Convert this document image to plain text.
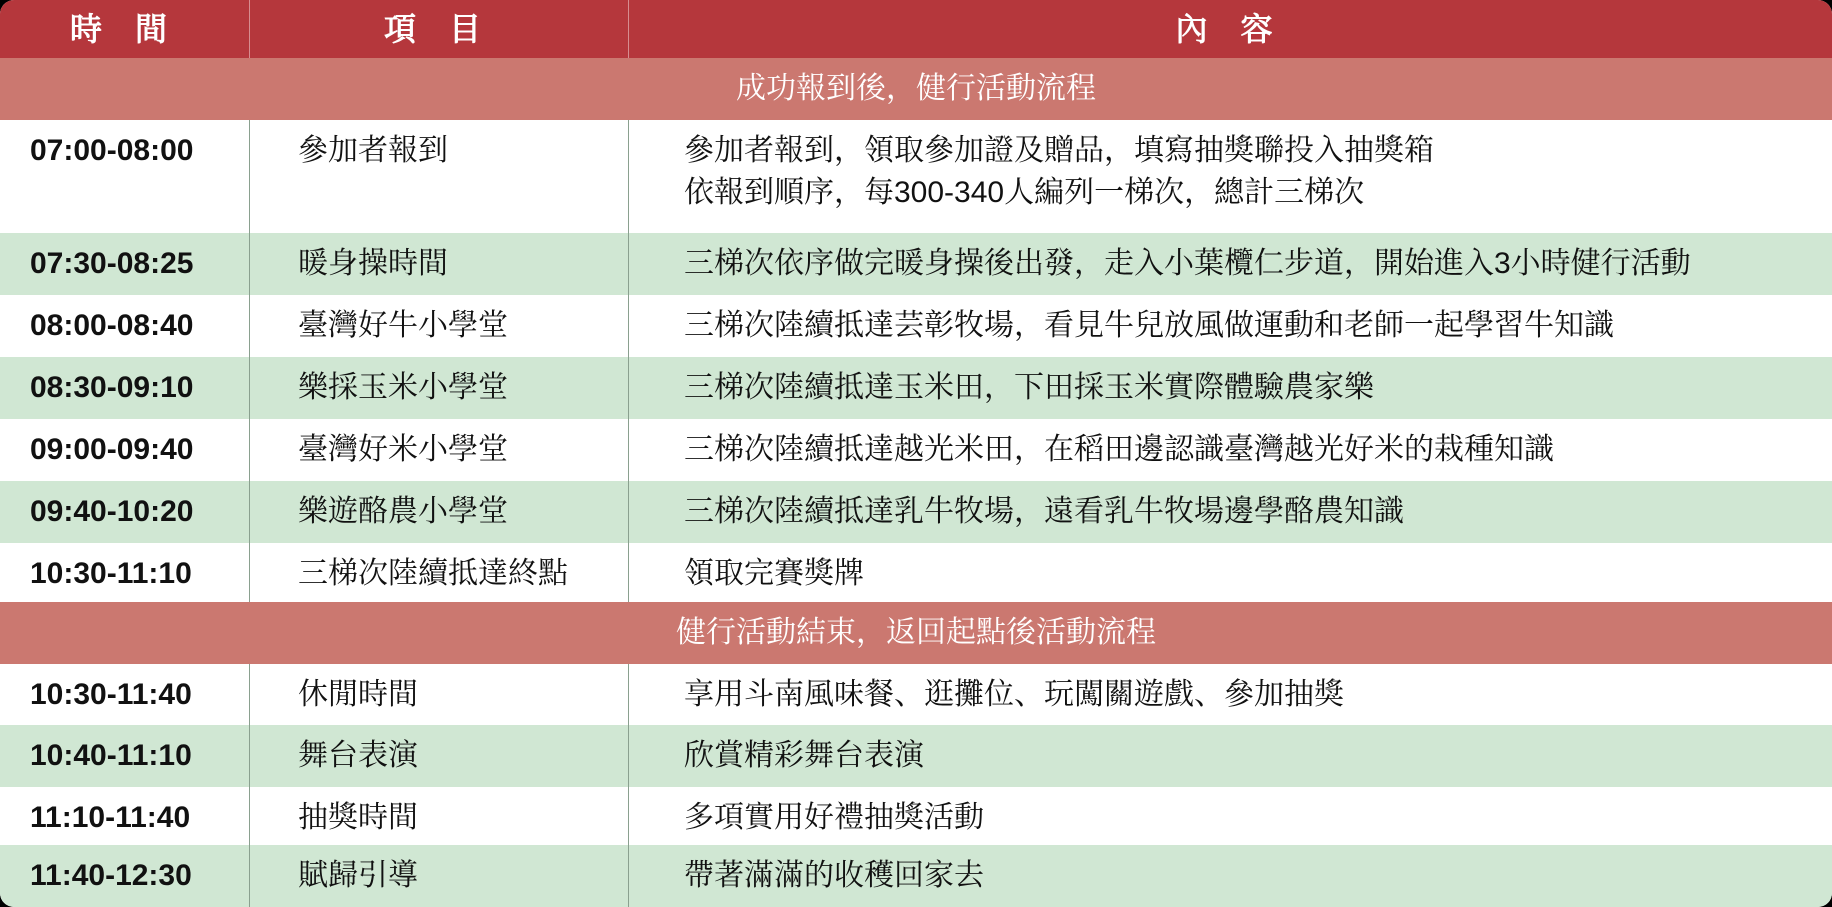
時 間	項 目	內 容
成功報到後，健行活動流程
07:00-08:00	參加者報到	參加者報到，領取參加證及贈品，填寫抽獎聯投入抽獎箱
依報到順序，每300-340人編列一梯次，總計三梯次
07:30-08:25	暖身操時間	三梯次依序做完暖身操後出發，走入小葉欖仁步道，開始進入3小時健行活動
08:00-08:40	臺灣好牛小學堂	三梯次陸續抵達芸彰牧場，看見牛兒放風做運動和老師一起學習牛知識
08:30-09:10	樂採玉米小學堂	三梯次陸續抵達玉米田，下田採玉米實際體驗農家樂
09:00-09:40	臺灣好米小學堂	三梯次陸續抵達越光米田，在稻田邊認識臺灣越光好米的栽種知識
09:40-10:20	樂遊酪農小學堂	三梯次陸續抵達乳牛牧場，遠看乳牛牧場邊學酪農知識
10:30-11:10	三梯次陸續抵達終點	領取完賽獎牌
健行活動結束，返回起點後活動流程
10:30-11:40	休閒時間	享用斗南風味餐、逛攤位、玩闖關遊戲、參加抽獎
10:40-11:10	舞台表演	欣賞精彩舞台表演
11:10-11:40	抽獎時間	多項實用好禮抽獎活動
11:40-12:30	賦歸引導	帶著滿滿的收穫回家去
